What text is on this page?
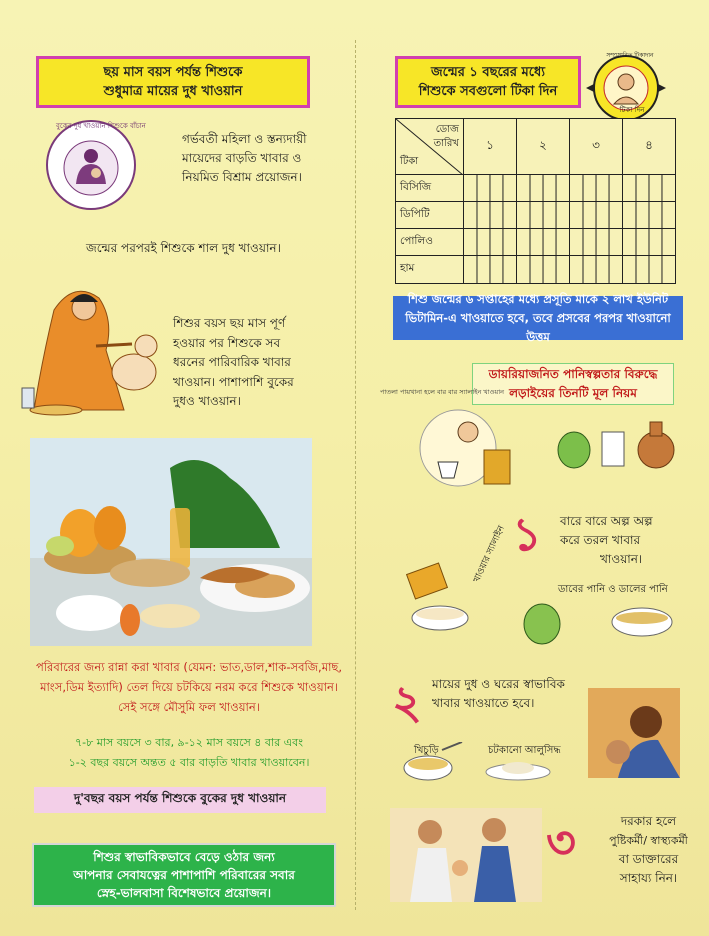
ছয় মাস বয়স পর্যন্ত শিশুকে
শুধুমাত্র মায়ের দুধ খাওয়ান
বুকের দুধ খাওয়ান শিশুকে বাঁচান
গর্ভবতী মহিলা ও স্তন্যদায়ী
মায়েদের বাড়তি খাবার ও
নিয়মিত বিশ্রাম প্রয়োজন।
জন্মের পরপরই শিশুকে শাল দুধ খাওয়ান।
শিশুর বয়স ছয় মাস পূর্ণ
হওয়ার পর শিশুকে সব
ধরনের পারিবারিক খাবার
খাওয়ান। পাশাপাশি বুকের
দুধও খাওয়ান।
পরিবারের জন্য রান্না করা খাবার (যেমন: ভাত,ডাল,শাক-সবজি,মাছ,
মাংস,ডিম ইত্যাদি) তেল দিয়ে চটকিয়ে নরম করে শিশুকে খাওয়ান।
সেই সঙ্গে মৌসুমি ফল খাওয়ান।
৭-৮ মাস বয়সে ৩ বার, ৯-১২ মাস বয়সে ৪ বার এবং
১-২ বছর বয়সে অন্তত ৫ বার বাড়তি খাবার খাওয়াবেন।
দু'বছর বয়স পর্যন্ত শিশুকে বুকের দুধ খাওয়ান
শিশুর স্বাভাবিকভাবে বেড়ে ওঠার জন্য
আপনার সেবাযত্নের পাশাপাশি পরিবারের সবার
স্নেহ-ভালবাসা বিশেষভাবে প্রয়োজন।
জন্মের ১ বছরের মধ্যে
শিশুকে সবগুলো টিকা দিন
সম্প্রসারিত টিকাদান
টিকা দিন
ডোজ
তারিখ
টিকা	১	২	৩	৪
বিসিজি	

ডিপিটি	

পোলিও	

হাম	

শিশু জন্মের ৬ সপ্তাহের মধ্যে প্রসূতি মাকে ২ লাখ ইউনিট
ভিটামিন-এ খাওয়াতে হবে, তবে প্রসবের পরপর খাওয়ানো উত্তম
ডায়রিয়াজনিত পানিস্বল্পতার বিরুদ্ধে
লড়াইয়ের তিনটি মূল নিয়ম
পাতলা পায়খানা হলে বার বার স্যালাইন খাওয়ান
১ বারে বারে অল্প অল্প
করে তরল খাবার
খাওয়ান।
খাওয়ার স্যালাইন
ডাবের পানি ও ডালের পানি
২ মায়ের দুধ ও ঘরের স্বাভাবিক
খাবার খাওয়াতে হবে।
খিচুড়ি	চটকানো আলুসিদ্ধ
৩	দরকার হলে
পুষ্টিকর্মী/ স্বাস্থ্যকর্মী
বা ডাক্তারের
সাহায্য নিন।
